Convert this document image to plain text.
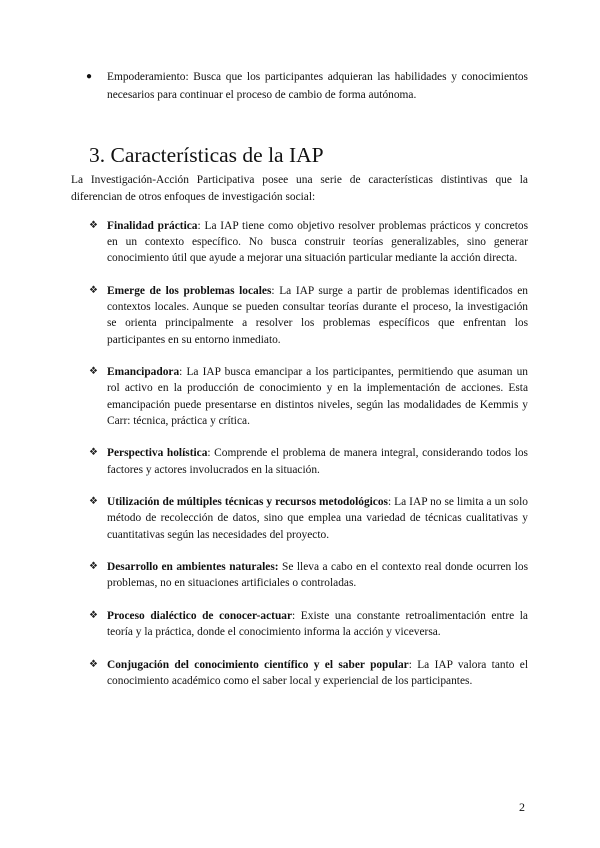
● Empoderamiento: Busca que los participantes adquieran las habilidades y conocimientos necesarios para continuar el proceso de cambio de forma autónoma.
3. Características de la IAP

La Investigación-Acción Participativa posee una serie de características distintivas que la diferencian de otros enfoques de investigación social:

❖ Finalidad práctica: La IAP tiene como objetivo resolver problemas prácticos y concretos en un contexto específico. No busca construir teorías generalizables, sino generar conocimiento útil que ayude a mejorar una situación particular mediante la acción directa.
❖ Emerge de los problemas locales: La IAP surge a partir de problemas identificados en contextos locales. Aunque se pueden consultar teorías durante el proceso, la investigación se orienta principalmente a resolver los problemas específicos que enfrentan los participantes en su entorno inmediato.
❖ Emancipadora: La IAP busca emancipar a los participantes, permitiendo que asuman un rol activo en la producción de conocimiento y en la implementación de acciones. Esta emancipación puede presentarse en distintos niveles, según las modalidades de Kemmis y Carr: técnica, práctica y crítica.
❖ Perspectiva holística: Comprende el problema de manera integral, considerando todos los factores y actores involucrados en la situación.
❖ Utilización de múltiples técnicas y recursos metodológicos: La IAP no se limita a un solo método de recolección de datos, sino que emplea una variedad de técnicas cualitativas y cuantitativas según las necesidades del proyecto.
❖ Desarrollo en ambientes naturales: Se lleva a cabo en el contexto real donde ocurren los problemas, no en situaciones artificiales o controladas.
❖ Proceso dialéctico de conocer-actuar: Existe una constante retroalimentación entre la teoría y la práctica, donde el conocimiento informa la acción y viceversa.
❖ Conjugación del conocimiento científico y el saber popular: La IAP valora tanto el conocimiento académico como el saber local y experiencial de los participantes.
2
